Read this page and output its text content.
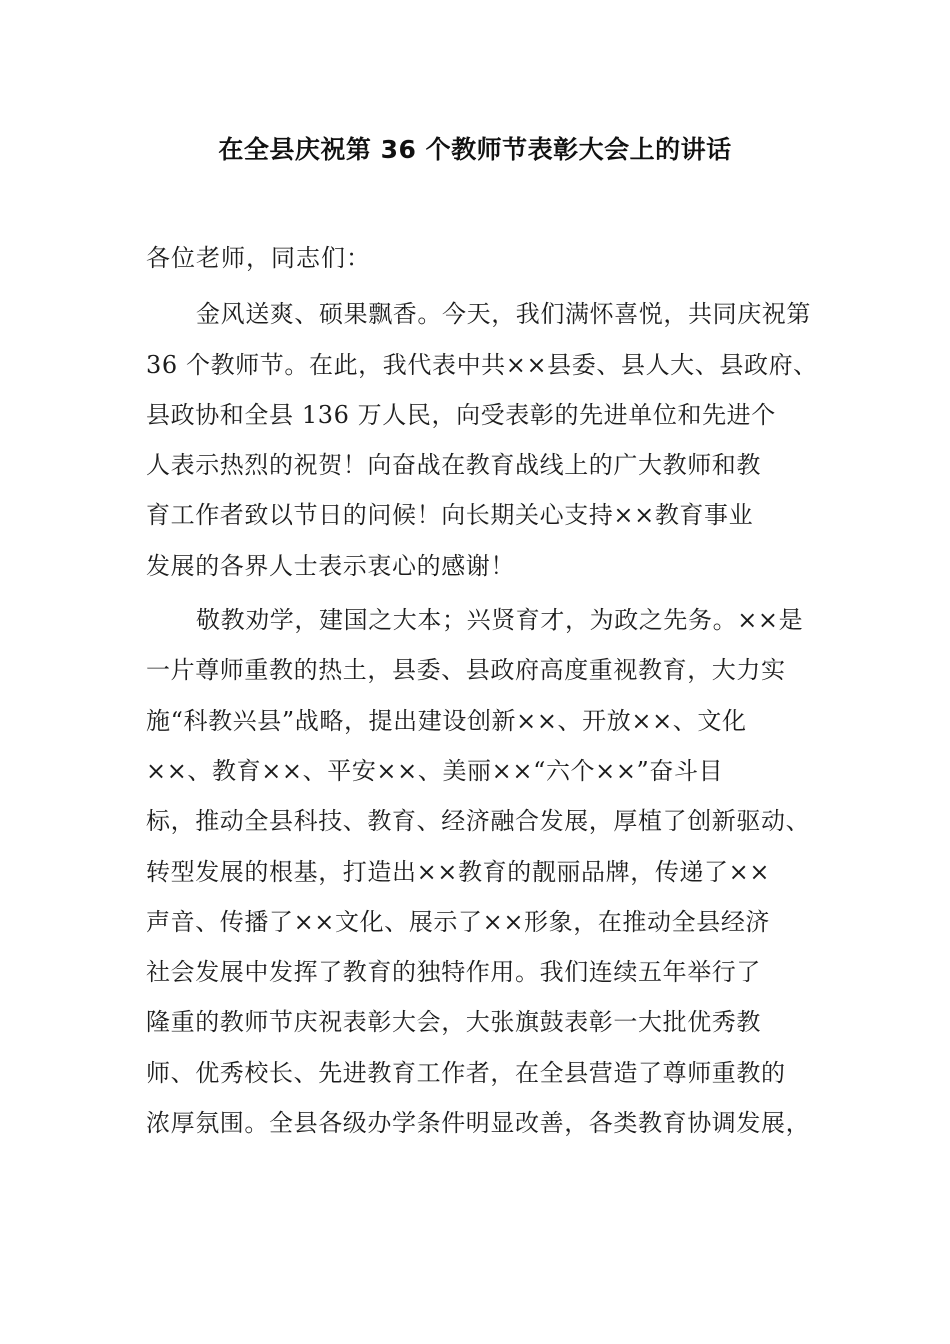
在全县庆祝第 36 个教师节表彰大会上的讲话
各位老师，同志们：
金风送爽、硕果飘香。今天，我们满怀喜悦，共同庆祝第
36 个教师节。在此，我代表中共××县委、县人大、县政府、
县政协和全县 136 万人民，向受表彰的先进单位和先进个
人表示热烈的祝贺！向奋战在教育战线上的广大教师和教
育工作者致以节日的问候！向长期关心支持××教育事业
发展的各界人士表示衷心的感谢！
敬教劝学，建国之大本；兴贤育才，为政之先务。××是
一片尊师重教的热土，县委、县政府高度重视教育，大力实
施“科教兴县”战略，提出建设创新××、开放××、文化
××、教育××、平安××、美丽××“六个××”奋斗目
标，推动全县科技、教育、经济融合发展，厚植了创新驱动、
转型发展的根基，打造出××教育的靓丽品牌，传递了××
声音、传播了××文化、展示了××形象，在推动全县经济
社会发展中发挥了教育的独特作用。我们连续五年举行了
隆重的教师节庆祝表彰大会，大张旗鼓表彰一大批优秀教
师、优秀校长、先进教育工作者，在全县营造了尊师重教的
浓厚氛围。全县各级办学条件明显改善，各类教育协调发展，
